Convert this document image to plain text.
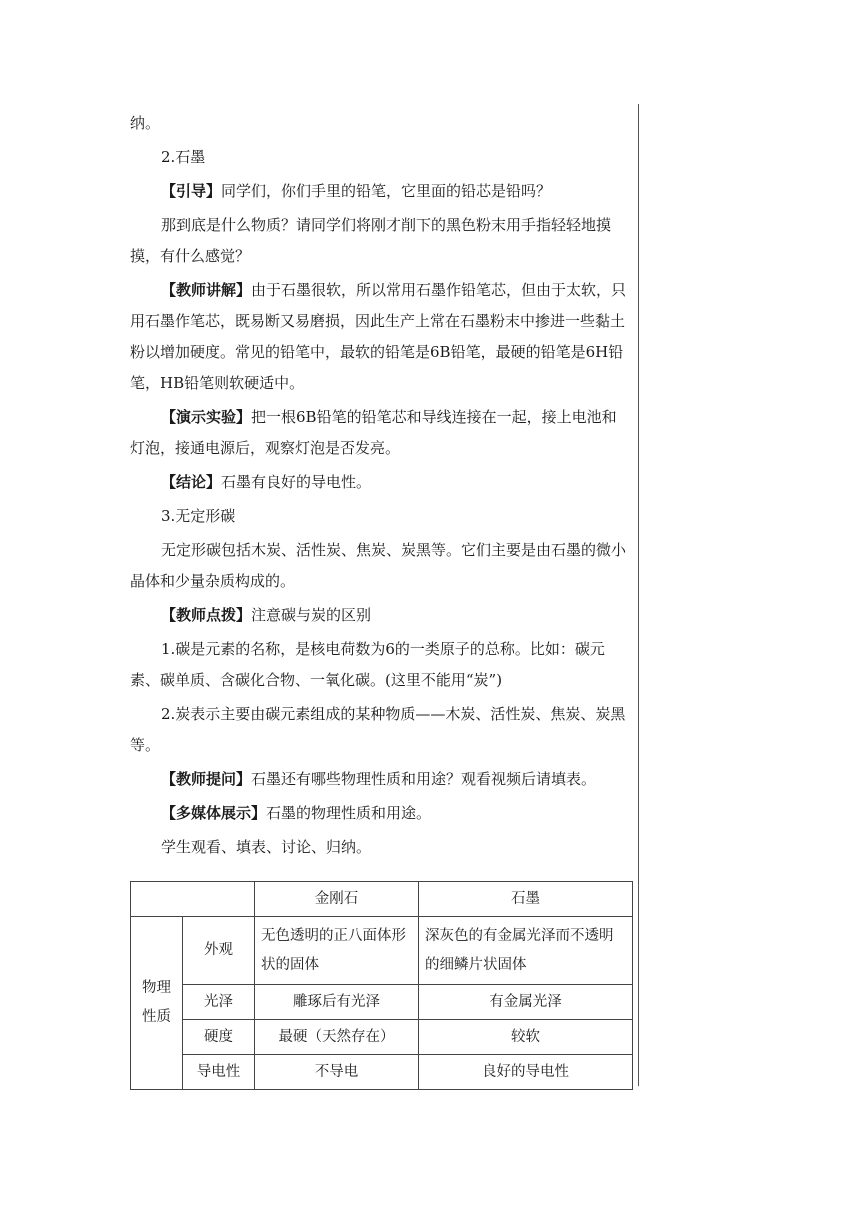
纳。

2.石墨

【引导】同学们，你们手里的铅笔，它里面的铅芯是铅吗？

那到底是什么物质？请同学们将刚才削下的黑色粉末用手指轻轻地摸摸，有什么感觉？

【教师讲解】由于石墨很软，所以常用石墨作铅笔芯，但由于太软，只用石墨作笔芯，既易断又易磨损，因此生产上常在石墨粉末中掺进一些黏土粉以增加硬度。常见的铅笔中，最软的铅笔是6B铅笔，最硬的铅笔是6H铅笔，HB铅笔则软硬适中。

【演示实验】把一根6B铅笔的铅笔芯和导线连接在一起，接上电池和灯泡，接通电源后，观察灯泡是否发亮。

【结论】石墨有良好的导电性。

3.无定形碳

无定形碳包括木炭、活性炭、焦炭、炭黑等。它们主要是由石墨的微小晶体和少量杂质构成的。

【教师点拨】注意碳与炭的区别

1.碳是元素的名称，是核电荷数为6的一类原子的总称。比如：碳元素、碳单质、含碳化合物、一氧化碳。(这里不能用“炭”)

2.炭表示主要由碳元素组成的某种物质——木炭、活性炭、焦炭、炭黑等。

【教师提问】石墨还有哪些物理性质和用途？观看视频后请填表。

【多媒体展示】石墨的物理性质和用途。

学生观看、填表、讨论、归纳。

		金刚石	石墨
物理性质	外观	无色透明的正八面体形状的固体	深灰色的有金属光泽而不透明的细鳞片状固体
	光泽	雕琢后有光泽	有金属光泽
	硬度	最硬（天然存在）	较软
	导电性	不导电	良好的导电性
